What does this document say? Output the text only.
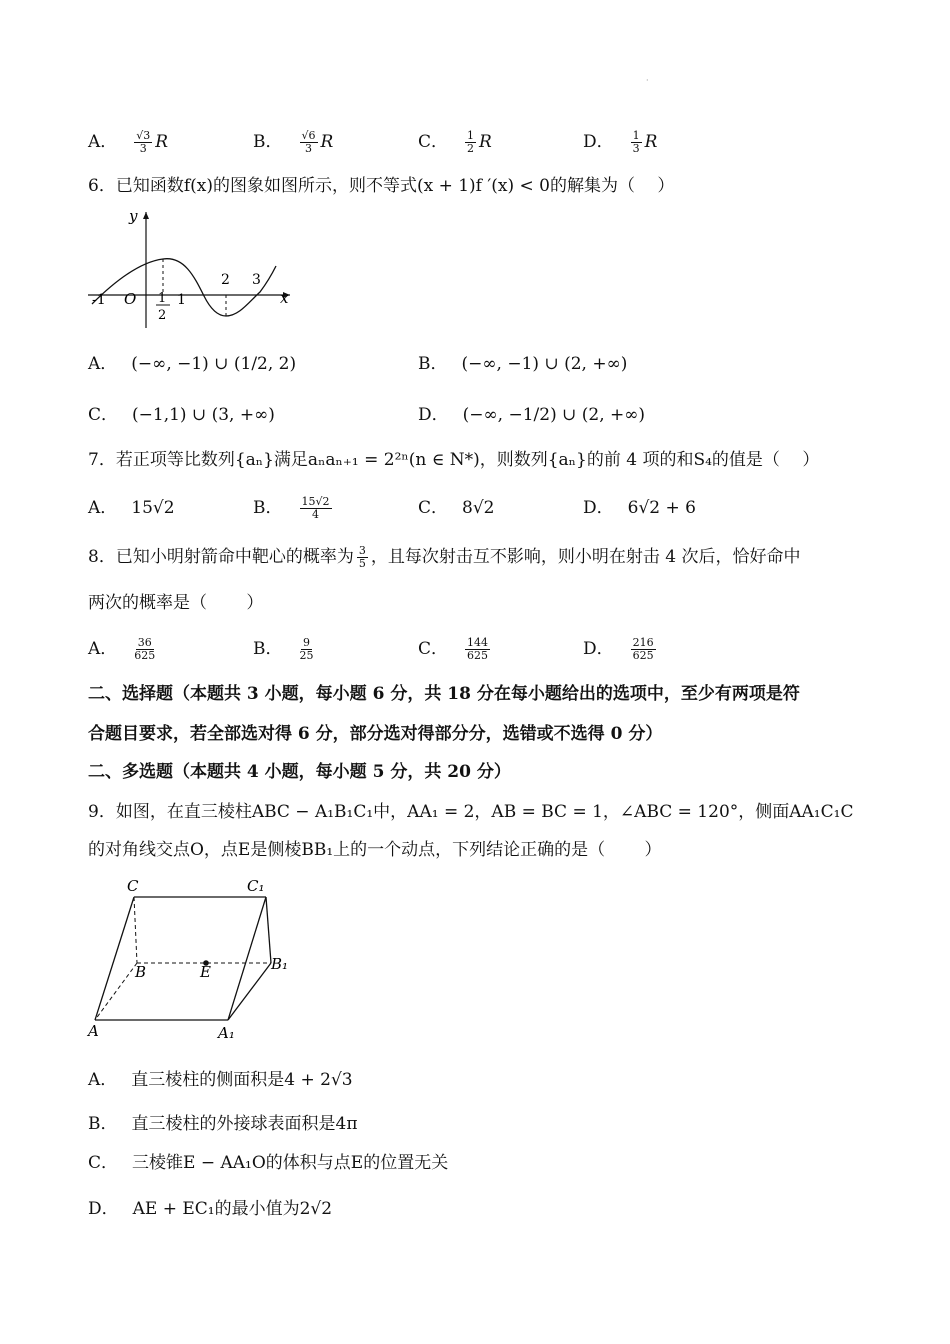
·
A． $\frac{√3}{3}$ R	B． $\frac{√6}{3}$ R	C． $\frac{1}{2}$ R	D． $\frac{1}{3}$ R
6．已知函数f(x)的图象如图所示，则不等式(x + 1)f ′(x) < 0的解集为（　 ）
y
x
O
-1	1
2
1
2 3
A． (−∞, −1) ∪ (1/2, 2)	B． (−∞, −1) ∪ (2, +∞)
C． (−1,1) ∪ (3, +∞)	D． (−∞, −1/2) ∪ (2, +∞)
7．若正项等比数列{aₙ}满足aₙaₙ₊₁ = 2²ⁿ(n ∈ N*)，则数列{aₙ}的前 4 项的和S₄的值是（　 ）
A． 15√2	B． $\frac{15√2}{4}$	C． 8√2	D． 6√2 + 6
8．已知小明射箭命中靶心的概率为 $\frac{3}{5}$ ，且每次射击互不影响，则小明在射击 4 次后，恰好命中
两次的概率是（　　 ）
A． $\frac{36}{625}$	B． $\frac{9}{25}$	C． $\frac{144}{625}$	D． $\frac{216}{625}$
二、选择题（本题共 3 小题，每小题 6 分，共 18 分在每小题给出的选项中，至少有两项是符
合题目要求，若全部选对得 6 分，部分选对得部分分，选错或不选得 0 分）
二、多选题（本题共 4 小题，每小题 5 分，共 20 分）
9．如图，在直三棱柱ABC − A₁B₁C₁中，AA₁ = 2，AB = BC = 1，∠ABC = 120°，侧面AA₁C₁C
的对角线交点O，点E是侧棱BB₁上的一个动点，下列结论正确的是（　　 ）
C	C₁
B	E	B₁
A	A₁
A． 直三棱柱的侧面积是4 + 2√3
B． 直三棱柱的外接球表面积是4π
C． 三棱锥E − AA₁O的体积与点E的位置无关
D． AE + EC₁的最小值为2√2
